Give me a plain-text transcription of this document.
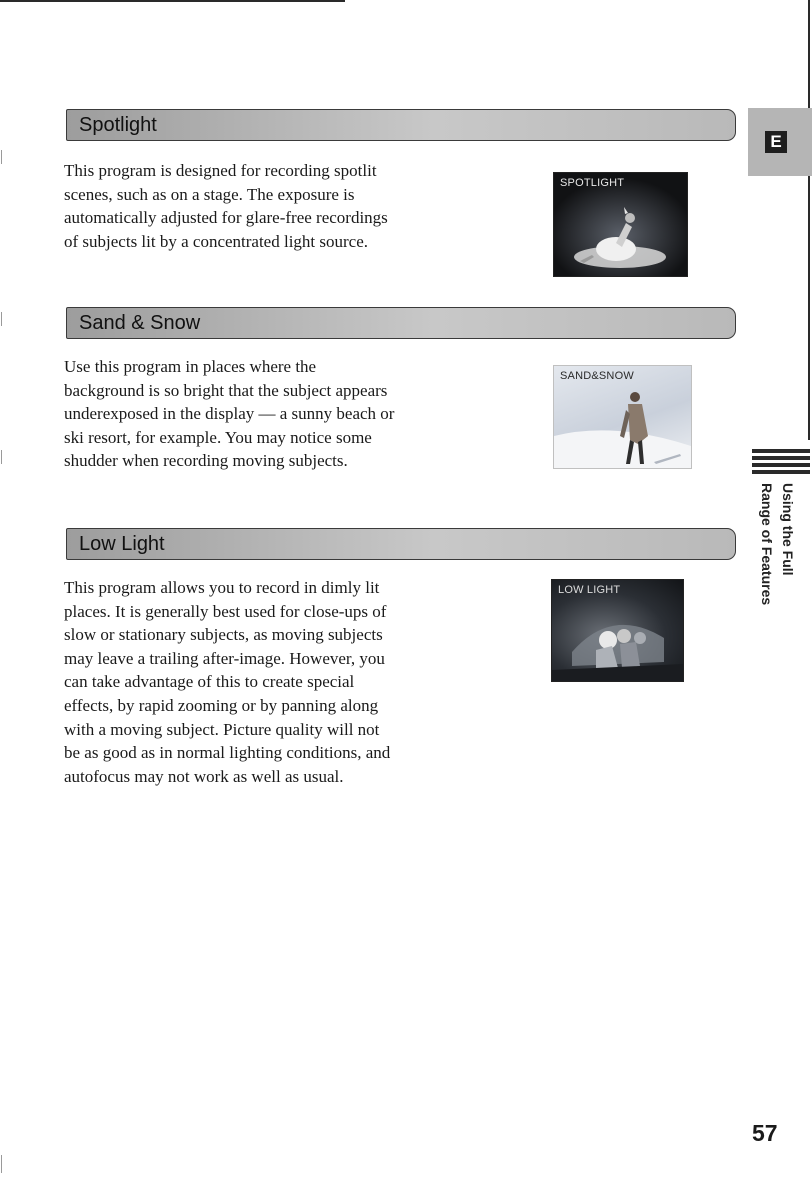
E
Spotlight
This program is designed for recording spotlit
scenes, such as on a stage. The exposure is
automatically adjusted for glare-free recordings
of subjects lit by a concentrated light source.
SPOTLIGHT
Sand & Snow
Use this program in places where the
background is so bright that the subject appears
underexposed in the display — a sunny beach or
ski resort, for example. You may notice some
shudder when recording moving subjects.
SAND&SNOW
Low Light
This program allows you to record in dimly lit
places. It is generally best used for close-ups of
slow or stationary subjects, as moving subjects
may leave a trailing after-image. However, you
can take advantage of this to create special
effects, by rapid zooming or by panning along
with a moving subject. Picture quality will not
be as good as in normal lighting conditions, and
autofocus may not work as well as usual.
LOW LIGHT
Using the Full
Range of Features
57
